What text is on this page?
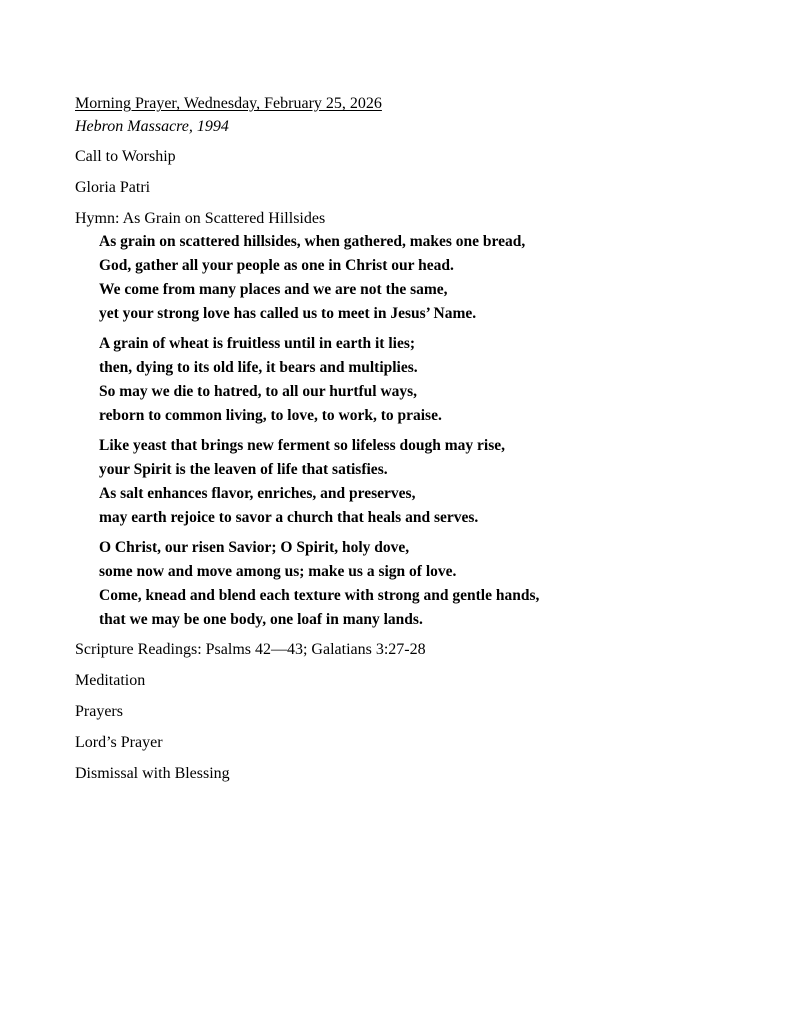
Morning Prayer, Wednesday, February 25, 2026

Hebron Massacre, 1994

Call to Worship

Gloria Patri

Hymn: As Grain on Scattered Hillsides

As grain on scattered hillsides, when gathered, makes one bread,
God, gather all your people as one in Christ our head.
We come from many places and we are not the same,
yet your strong love has called us to meet in Jesus’ Name.
A grain of wheat is fruitless until in earth it lies;
then, dying to its old life, it bears and multiplies.
So may we die to hatred, to all our hurtful ways,
reborn to common living, to love, to work, to praise.
Like yeast that brings new ferment so lifeless dough may rise,
your Spirit is the leaven of life that satisfies.
As salt enhances flavor, enriches, and preserves,
may earth rejoice to savor a church that heals and serves.
O Christ, our risen Savior; O Spirit, holy dove,
some now and move among us; make us a sign of love.
Come, knead and blend each texture with strong and gentle hands,
that we may be one body, one loaf in many lands.

Scripture Readings: Psalms 42—43; Galatians 3:27-28

Meditation

Prayers

Lord’s Prayer

Dismissal with Blessing
